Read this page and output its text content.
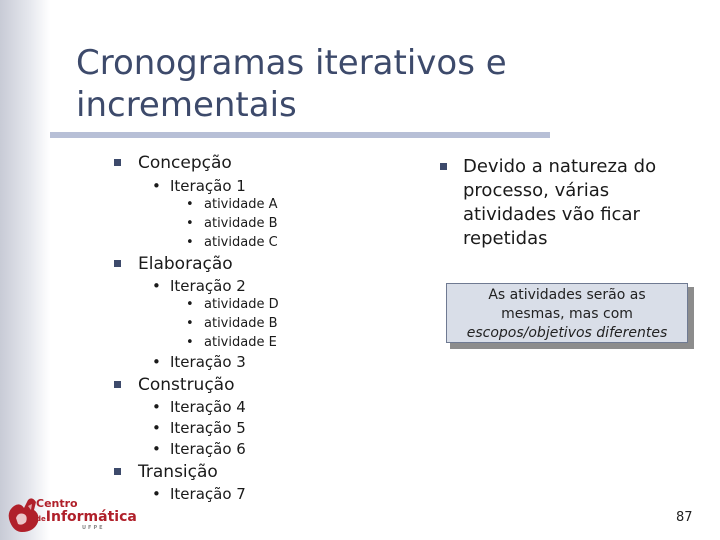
Cronogramas iterativos e incrementais
Concepção
• Iteração 1
• atividade A
• atividade B
• atividade C
Elaboração
• Iteração 2
• atividade D
• atividade B
• atividade E
• Iteração 3
Construção
• Iteração 4
• Iteração 5
• Iteração 6
Transição
• Iteração 7
Devido a natureza do
processo, várias
atividades vão ficar
repetidas
As atividades serão as
mesmas, mas com
escopos/objetivos diferentes
Centro
deInformática
UFPE
87
